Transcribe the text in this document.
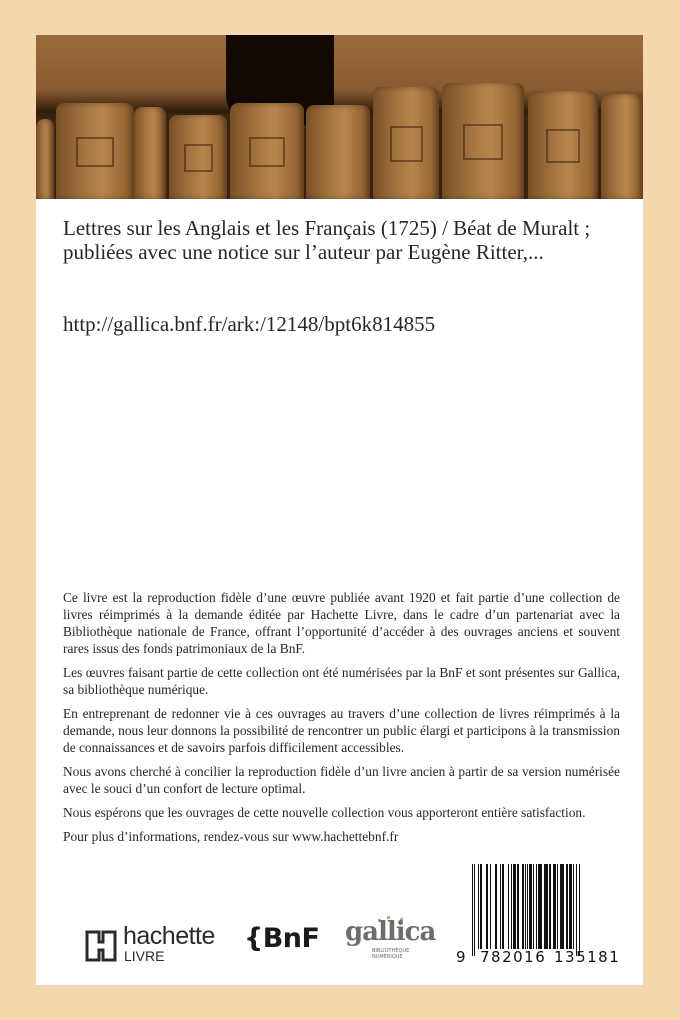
Lettres sur les Anglais et les Français (1725) / Béat de Muralt ; publiées avec une notice sur l’auteur par Eugène Ritter,...
http://gallica.bnf.fr/ark:/12148/bpt6k814855

Ce livre est la reproduction fidèle d’une œuvre publiée avant 1920 et fait partie d’une collection de livres réimprimés à la demande éditée par Hachette Livre, dans le cadre d’un partenariat avec la Bibliothèque nationale de France, offrant l’opportunité d’accéder à des ouvrages anciens et souvent rares issus des fonds patrimoniaux de la BnF.

Les œuvres faisant partie de cette collection ont été numérisées par la BnF et sont présentes sur Gallica, sa bibliothèque numérique.

En entreprenant de redonner vie à ces ouvrages au travers d’une collection de livres réimprimés à la demande, nous leur donnons la possibilité de rencontrer un public élargi et participons à la transmission de connaissances et de savoirs parfois difficilement accessibles.

Nous avons cherché à concilier la reproduction fidèle d’un livre ancien à partir de sa version numérisée avec le souci d’un confort de lecture optimal.

Nous espérons que les ouvrages de cette nouvelle collection vous apporteront entière satisfaction.

Pour plus d’informations, rendez-vous sur www.hachettebnf.fr

hachette
LIVRE
{BnF gallica
BIBLIOTHÈQUE
NUMÉRIQUE	9 782016 135181
